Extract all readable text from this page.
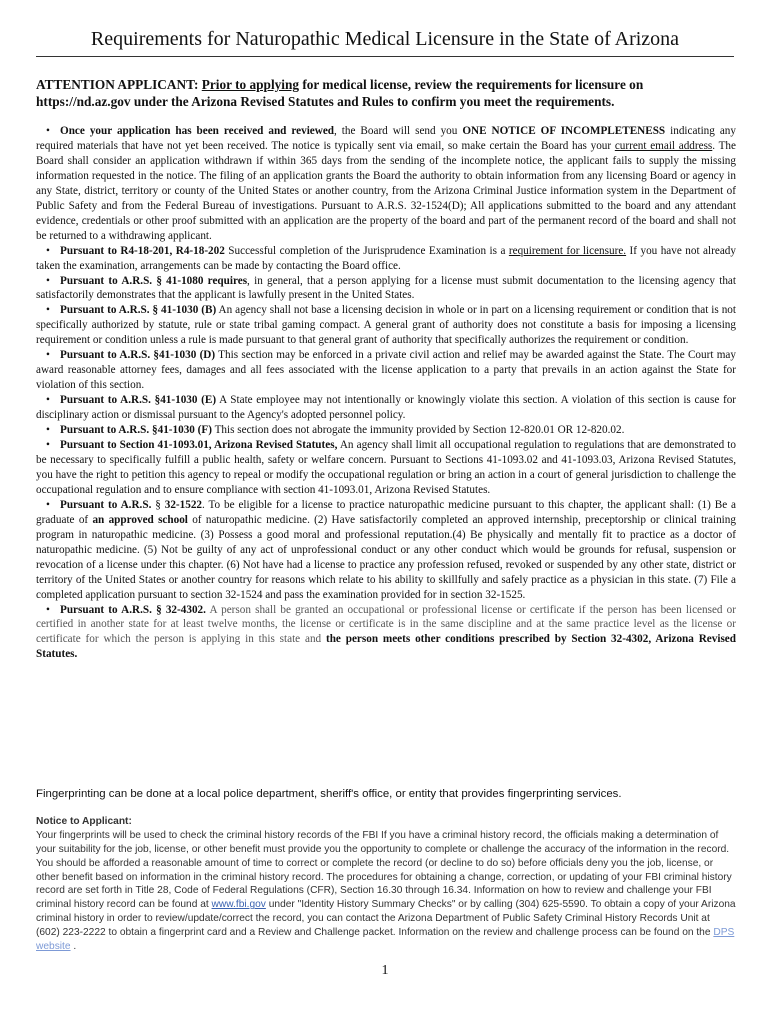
Requirements for Naturopathic Medical Licensure in the State of Arizona
ATTENTION APPLICANT: Prior to applying for medical license, review the requirements for licensure on https://nd.az.gov under the Arizona Revised Statutes and Rules to confirm you meet the requirements.

• Once your application has been received and reviewed, the Board will send you ONE NOTICE OF INCOMPLETENESS indicating any required materials that have not yet been received. The notice is typically sent via email, so make certain the Board has your current email address. The Board shall consider an application withdrawn if within 365 days from the sending of the incomplete notice, the applicant fails to supply the missing information requested in the notice. The filing of an application grants the Board the authority to obtain information from any licensing Board or agency in any State, district, territory or county of the United States or another country, from the Arizona Criminal Justice information system in the Department of Public Safety and from the Federal Bureau of investigations. Pursuant to A.R.S. 32-1524(D); All applications submitted to the board and any attendant evidence, credentials or other proof submitted with an application are the property of the board and part of the permanent record of the board and shall not be returned to a withdrawing applicant.

• Pursuant to R4-18-201, R4-18-202 Successful completion of the Jurisprudence Examination is a requirement for licensure. If you have not already taken the examination, arrangements can be made by contacting the Board office.

• Pursuant to A.R.S. § 41-1080 requires, in general, that a person applying for a license must submit documentation to the licensing agency that satisfactorily demonstrates that the applicant is lawfully present in the United States.

• Pursuant to A.R.S. § 41-1030 (B) An agency shall not base a licensing decision in whole or in part on a licensing requirement or condition that is not specifically authorized by statute, rule or state tribal gaming compact. A general grant of authority does not constitute a basis for imposing a licensing requirement or condition unless a rule is made pursuant to that general grant of authority that specifically authorizes the requirement or condition.

• Pursuant to A.R.S. §41-1030 (D) This section may be enforced in a private civil action and relief may be awarded against the State. The Court may award reasonable attorney fees, damages and all fees associated with the license application to a party that prevails in an action against the State for violation of this section.

• Pursuant to A.R.S. §41-1030 (E) A State employee may not intentionally or knowingly violate this section. A violation of this section is cause for disciplinary action or dismissal pursuant to the Agency's adopted personnel policy.

• Pursuant to A.R.S. §41-1030 (F) This section does not abrogate the immunity provided by Section 12-820.01 OR 12-820.02.

• Pursuant to Section 41-1093.01, Arizona Revised Statutes, An agency shall limit all occupational regulation to regulations that are demonstrated to be necessary to specifically fulfill a public health, safety or welfare concern. Pursuant to Sections 41-1093.02 and 41-1093.03, Arizona Revised Statutes, you have the right to petition this agency to repeal or modify the occupational regulation or bring an action in a court of general jurisdiction to challenge the occupational regulation and to ensure compliance with section 41-1093.01, Arizona Revised Statutes.

• Pursuant to A.R.S. § 32-1522. To be eligible for a license to practice naturopathic medicine pursuant to this chapter, the applicant shall: (1) Be a graduate of an approved school of naturopathic medicine. (2) Have satisfactorily completed an approved internship, preceptorship or clinical training program in naturopathic medicine. (3) Possess a good moral and professional reputation.(4) Be physically and mentally fit to practice as a doctor of naturopathic medicine. (5) Not be guilty of any act of unprofessional conduct or any other conduct which would be grounds for refusal, suspension or revocation of a license under this chapter. (6) Not have had a license to practice any profession refused, revoked or suspended by any other state, district or territory of the United States or another country for reasons which relate to his ability to skillfully and safely practice as a physician in this state. (7) File a completed application pursuant to section 32-1524 and pass the examination provided for in section 32-1525.

• Pursuant to A.R.S. § 32-4302. A person shall be granted an occupational or professional license or certificate if the person has been licensed or certified in another state for at least twelve months, the license or certificate is in the same discipline and at the same practice level as the license or certificate for which the person is applying in this state and the person meets other conditions prescribed by Section 32-4302, Arizona Revised Statutes.

Fingerprinting can be done at a local police department, sheriff's office, or entity that provides fingerprinting services.
Notice to Applicant:

Your fingerprints will be used to check the criminal history records of the FBI If you have a criminal history record, the officials making a determination of your suitability for the job, license, or other benefit must provide you the opportunity to complete or challenge the accuracy of the information in the record. You should be afforded a reasonable amount of time to correct or complete the record (or decline to do so) before officials deny you the job, license, or other benefit based on information in the criminal history record. The procedures for obtaining a change, correction, or updating of your FBI criminal history record are set forth in Title 28, Code of Federal Regulations (CFR), Section 16.30 through 16.34. Information on how to review and challenge your FBI criminal history record can be found at www.fbi.gov under "Identity History Summary Checks" or by calling (304) 625-5590. To obtain a copy of your Arizona criminal history in order to review/update/correct the record, you can contact the Arizona Department of Public Safety Criminal History Records Unit at (602) 223-2222 to obtain a fingerprint card and a Review and Challenge packet. Information on the review and challenge process can be found on the DPS website .

1
